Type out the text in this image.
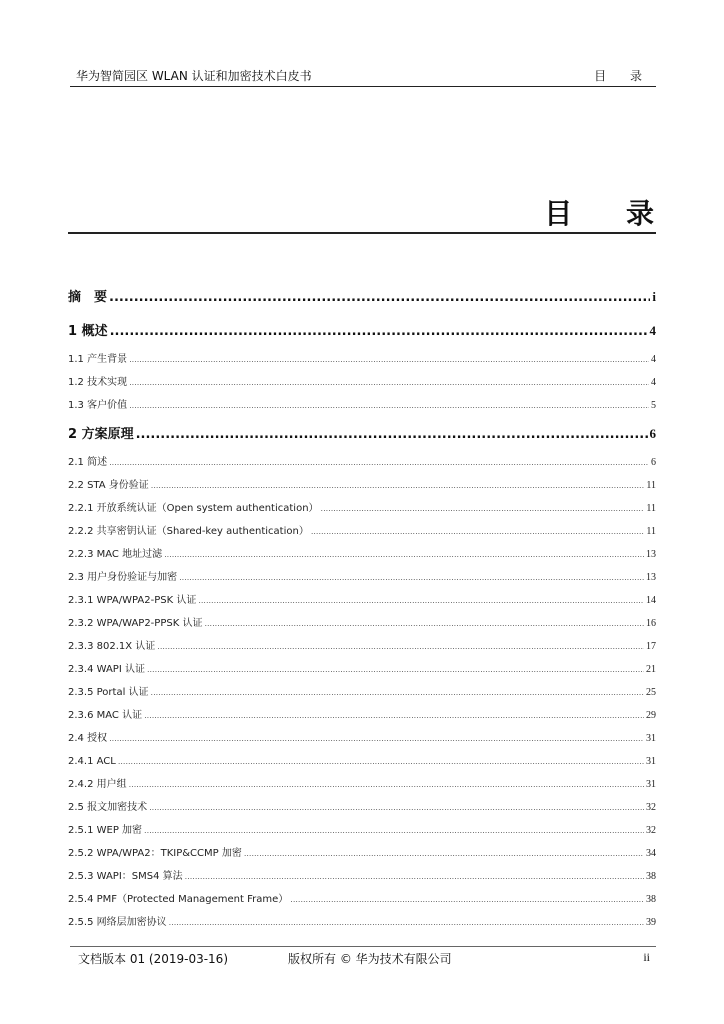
华为智简园区 WLAN 认证和加密技术白皮书	目 录
目 录
摘　要 .....	i
1 概述 .....	4
1.1 产生背景 .....	4
1.2 技术实现 .....	4
1.3 客户价值 .....	5
2 方案原理 .....	6
2.1 简述 .....	6
2.2 STA 身份验证 .....	11
2.2.1 开放系统认证（Open system authentication） .....	11
2.2.2 共享密钥认证（Shared-key authentication） .....	11
2.2.3 MAC 地址过滤 .....	13
2.3 用户身份验证与加密 .....	13
2.3.1 WPA/WPA2-PSK 认证 .....	14
2.3.2 WPA/WAP2-PPSK 认证 .....	16
2.3.3 802.1X 认证 .....	17
2.3.4 WAPI 认证 .....	21
2.3.5 Portal 认证 .....	25
2.3.6 MAC 认证 .....	29
2.4 授权 .....	31
2.4.1 ACL .....	31
2.4.2 用户组 .....	31
2.5 报文加密技术 .....	32
2.5.1 WEP 加密 .....	32
2.5.2 WPA/WPA2：TKIP&CCMP 加密 .....	34
2.5.3 WAPI：SMS4 算法 .....	38
2.5.4 PMF（Protected Management Frame） .....	38
2.5.5 网络层加密协议 .....	39
文档版本 01 (2019-03-16)	版权所有 © 华为技术有限公司	ii
